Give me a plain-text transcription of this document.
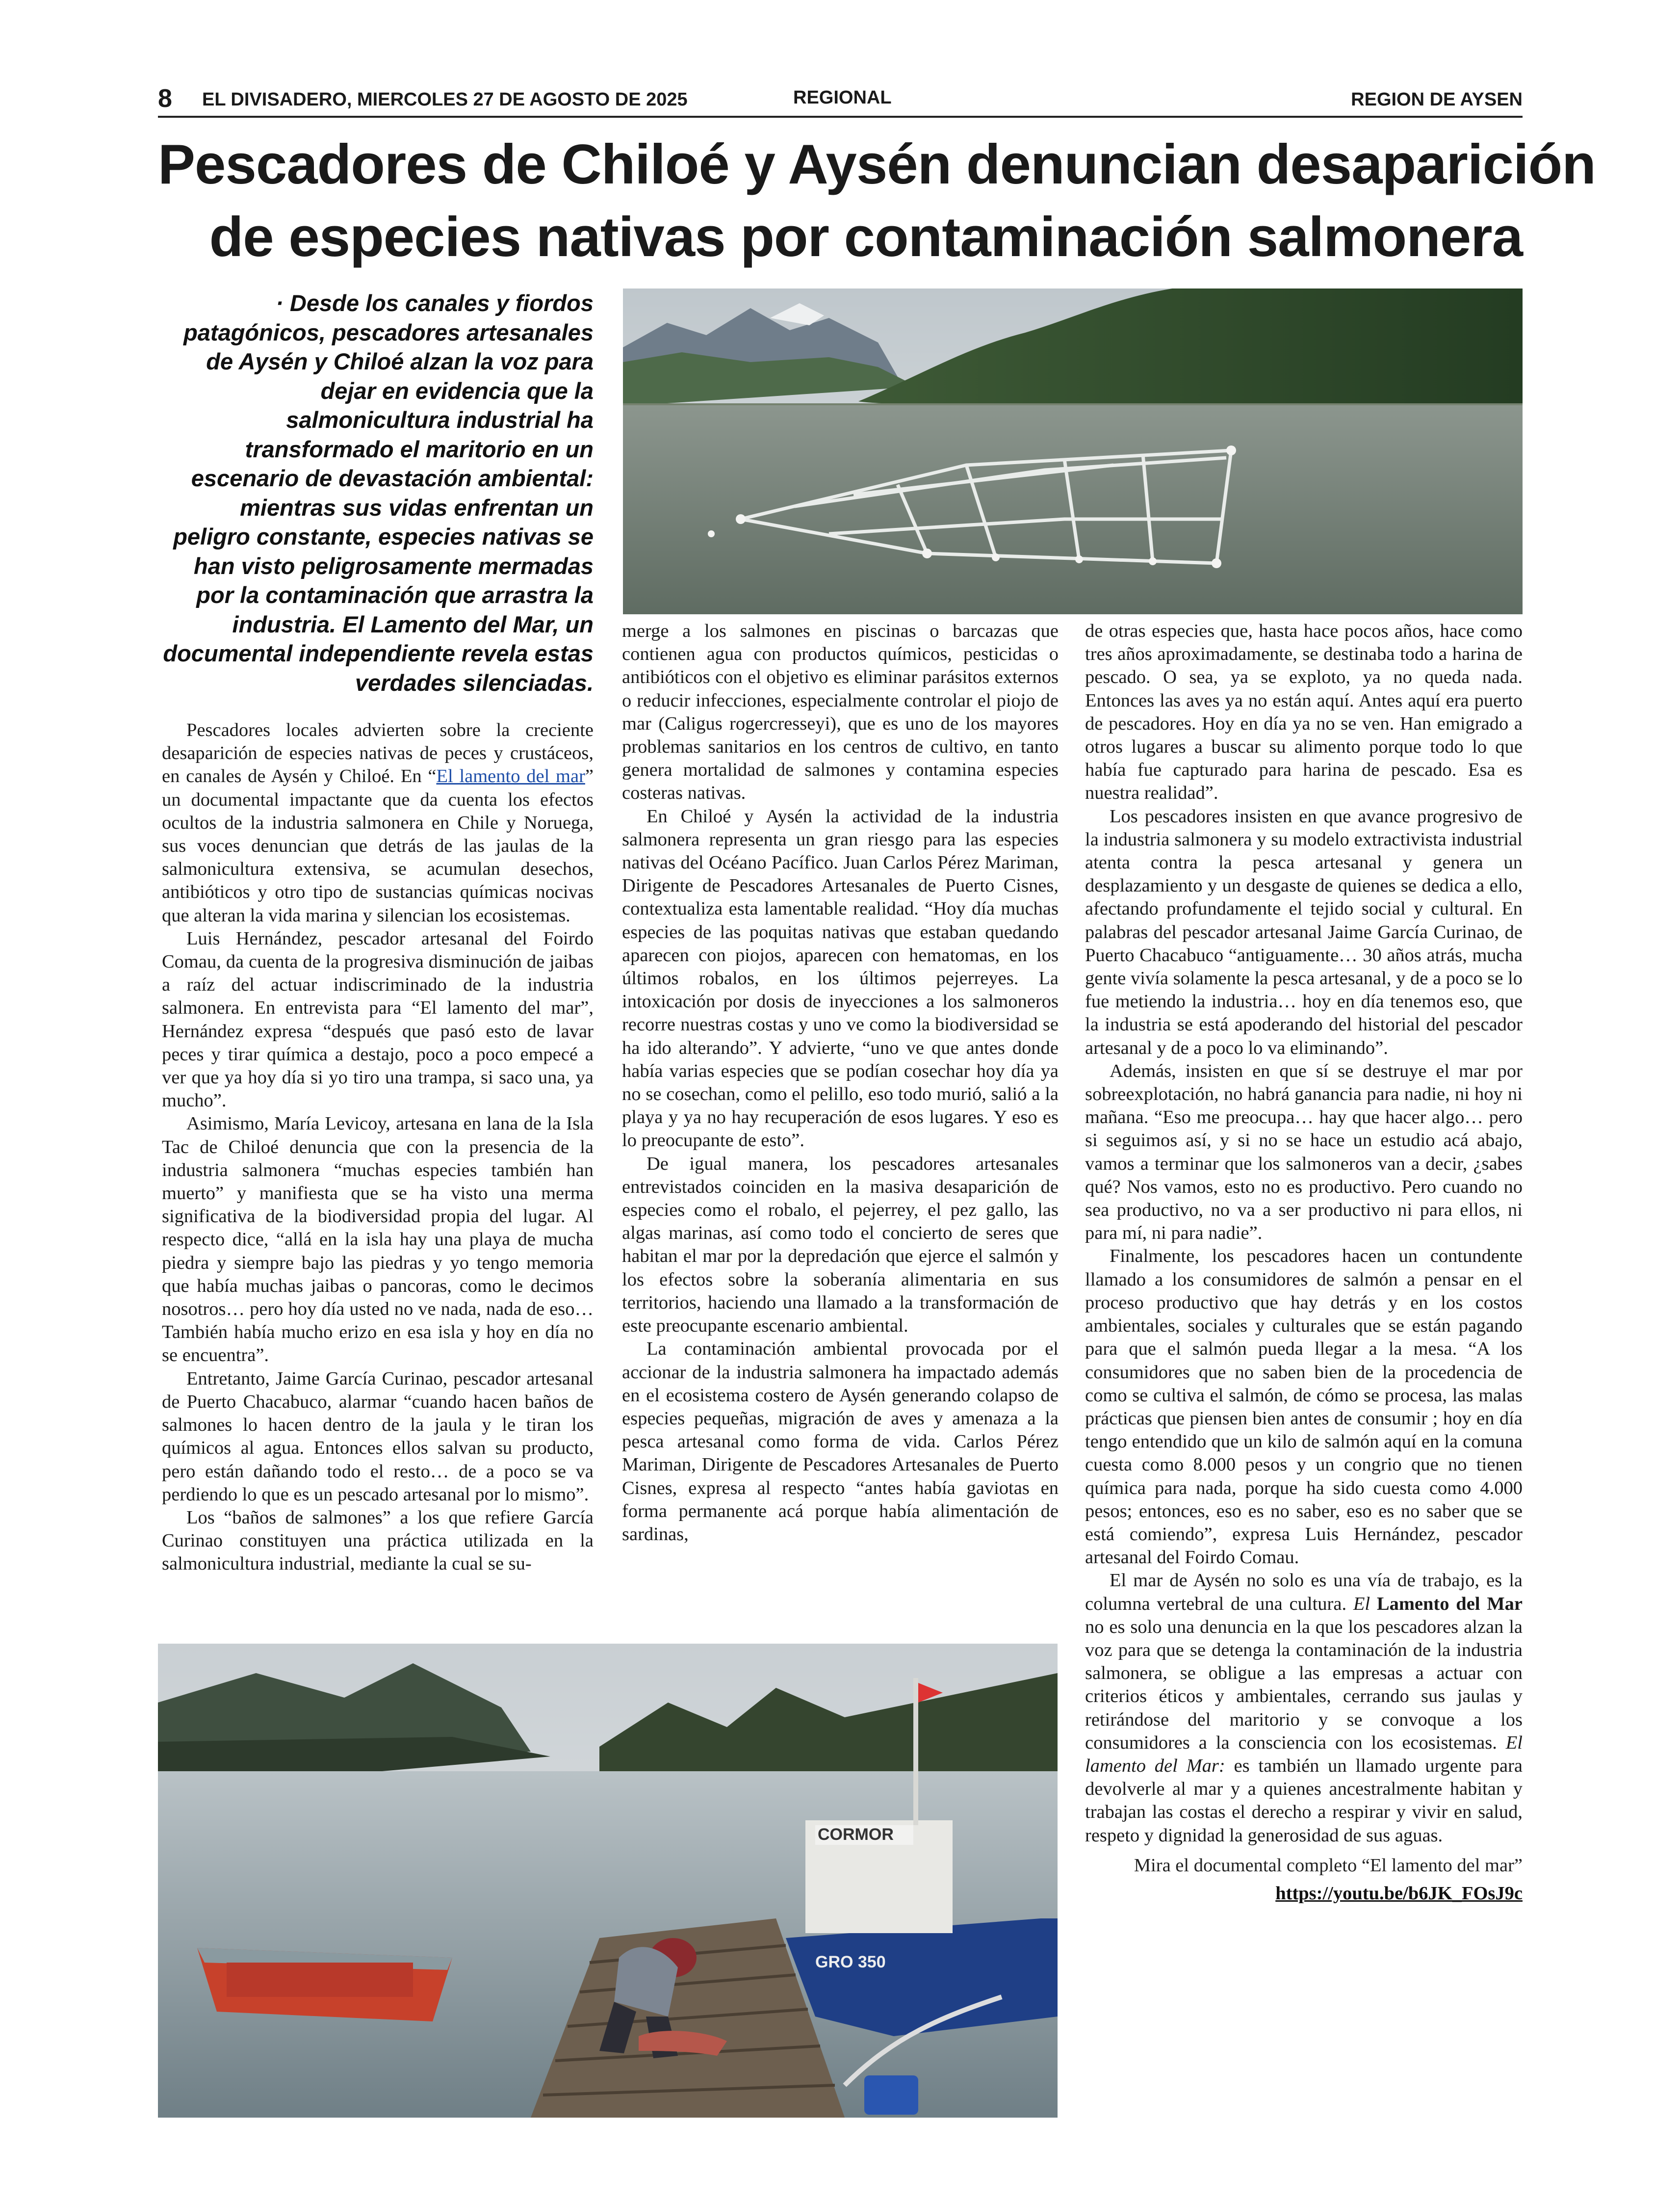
8 EL DIVISADERO, MIERCOLES 27 DE AGOSTO DE 2025	REGIONAL	REGION DE AYSEN
Pescadores de Chiloé y Aysén denuncian desaparición
de especies nativas por contaminación salmonera
· Desde los canales y fiordos patagónicos, pescadores artesanales de Aysén y Chiloé alzan la voz para dejar en evidencia que la salmonicultura industrial ha transformado el maritorio en un escenario de devastación ambiental: mientras sus vidas enfrentan un peligro constante, especies nativas se han visto peligrosamente mermadas por la contaminación que arrastra la industria. El Lamento del Mar, un documental independiente revela estas verdades silenciadas.

Pescadores locales advierten sobre la creciente desaparición de especies nativas de peces y crustáceos, en canales de Aysén y Chiloé. En “El lamento del mar” un documental impactante que da cuenta los efectos ocultos de la industria salmonera en Chile y Noruega, sus voces denuncian que detrás de las jaulas de la salmonicultura extensiva, se acumulan desechos, antibióticos y otro tipo de sustancias químicas nocivas que alteran la vida marina y silencian los ecosistemas.

Luis Hernández, pescador artesanal del Foirdo Comau, da cuenta de la progresiva disminución de jaibas a raíz del actuar indiscriminado de la industria salmonera. En entrevista para “El lamento del mar”, Hernández expresa “después que pasó esto de lavar peces y tirar química a destajo, poco a poco empecé a ver que ya hoy día si yo tiro una trampa, si saco una, ya mucho”.

Asimismo, María Levicoy, artesana en lana de la Isla Tac de Chiloé denuncia que con la presencia de la industria salmonera “muchas especies también han muerto” y manifiesta que se ha visto una merma significativa de la biodiversidad propia del lugar. Al respecto dice, “allá en la isla hay una playa de mucha piedra y siempre bajo las piedras y yo tengo memoria que había muchas jaibas o pancoras, como le decimos nosotros… pero hoy día usted no ve nada, nada de eso… También había mucho erizo en esa isla y hoy en día no se encuentra”.

Entretanto, Jaime García Curinao, pescador artesanal de Puerto Chacabuco, alarmar “cuando hacen baños de salmones lo hacen dentro de la jaula y le tiran los químicos al agua. Entonces ellos salvan su producto, pero están dañando todo el resto… de a poco se va perdiendo lo que es un pescado artesanal por lo mismo”.

Los “baños de salmones” a los que refiere García Curinao constituyen una práctica utilizada en la salmonicultura industrial, mediante la cual se su-

merge a los salmones en piscinas o barcazas que contienen agua con productos químicos, pesticidas o antibióticos con el objetivo es eliminar parásitos externos o reducir infecciones, especialmente controlar el piojo de mar (Caligus rogercresseyi), que es uno de los mayores problemas sanitarios en los centros de cultivo, en tanto genera mortalidad de salmones y contamina especies costeras nativas.

En Chiloé y Aysén la actividad de la industria salmonera representa un gran riesgo para las especies nativas del Océano Pacífico. Juan Carlos Pérez Mariman, Dirigente de Pescadores Artesanales de Puerto Cisnes, contextualiza esta lamentable realidad. “Hoy día muchas especies de las poquitas nativas que estaban quedando aparecen con piojos, aparecen con hematomas, en los últimos robalos, en los últimos pejerreyes. La intoxicación por dosis de inyecciones a los salmoneros recorre nuestras costas y uno ve como la biodiversidad se ha ido alterando”. Y advierte, “uno ve que antes donde había varias especies que se podían cosechar hoy día ya no se cosechan, como el pelillo, eso todo murió, salió a la playa y ya no hay recuperación de esos lugares. Y eso es lo preocupante de esto”.

De igual manera, los pescadores artesanales entrevistados coinciden en la masiva desaparición de especies como el robalo, el pejerrey, el pez gallo, las algas marinas, así como todo el concierto de seres que habitan el mar por la depredación que ejerce el salmón y los efectos sobre la soberanía alimentaria en sus territorios, haciendo una llamado a la transformación de este preocupante escenario ambiental.

La contaminación ambiental provocada por el accionar de la industria salmonera ha impactado además en el ecosistema costero de Aysén generando colapso de especies pequeñas, migración de aves y amenaza a la pesca artesanal como forma de vida. Carlos Pérez Mariman, Dirigente de Pescadores Artesanales de Puerto Cisnes, expresa al respecto “antes había gaviotas en forma permanente acá porque había alimentación de sardinas,

de otras especies que, hasta hace pocos años, hace como tres años aproximadamente, se destinaba todo a harina de pescado. O sea, ya se exploto, ya no queda nada. Entonces las aves ya no están aquí. Antes aquí era puerto de pescadores. Hoy en día ya no se ven. Han emigrado a otros lugares a buscar su alimento porque todo lo que había fue capturado para harina de pescado. Esa es nuestra realidad”.

Los pescadores insisten en que avance progresivo de la industria salmonera y su modelo extractivista industrial atenta contra la pesca artesanal y genera un desplazamiento y un desgaste de quienes se dedica a ello, afectando profundamente el tejido social y cultural. En palabras del pescador artesanal Jaime García Curinao, de Puerto Chacabuco “antiguamente… 30 años atrás, mucha gente vivía solamente la pesca artesanal, y de a poco se lo fue metiendo la industria… hoy en día tenemos eso, que la industria se está apoderando del historial del pescador artesanal y de a poco lo va eliminando”.

Además, insisten en que sí se destruye el mar por sobreexplotación, no habrá ganancia para nadie, ni hoy ni mañana. “Eso me preocupa… hay que hacer algo… pero si seguimos así, y si no se hace un estudio acá abajo, vamos a terminar que los salmoneros van a decir, ¿sabes qué? Nos vamos, esto no es productivo. Pero cuando no sea productivo, no va a ser productivo ni para ellos, ni para mí, ni para nadie”.

Finalmente, los pescadores hacen un contundente llamado a los consumidores de salmón a pensar en el proceso productivo que hay detrás y en los costos ambientales, sociales y culturales que se están pagando para que el salmón pueda llegar a la mesa. “A los consumidores que no saben bien de la procedencia de como se cultiva el salmón, de cómo se procesa, las malas prácticas que piensen bien antes de consumir ; hoy en día tengo entendido que un kilo de salmón aquí en la comuna cuesta como 8.000 pesos y un congrio que no tienen química para nada, porque ha sido cuesta como 4.000 pesos; entonces, eso es no saber, eso es no saber que se está comiendo”, expresa Luis Hernández, pescador artesanal del Foirdo Comau.

El mar de Aysén no solo es una vía de trabajo, es la columna vertebral de una cultura. El Lamento del Mar no es solo una denuncia en la que los pescadores alzan la voz para que se detenga la contaminación de la industria salmonera, se obligue a las empresas a actuar con criterios éticos y ambientales, cerrando sus jaulas y retirándose del maritorio y se convoque a los consumidores a la consciencia con los ecosistemas. El lamento del Mar: es también un llamado urgente para devolverle al mar y a quienes ancestralmente habitan y trabajan las costas el derecho a respirar y vivir en salud, respeto y dignidad la generosidad de sus aguas.

Mira el documental completo “El lamento del mar”

https://youtu.be/b6JK_FOsJ9c
CORMOR
GRO 350
